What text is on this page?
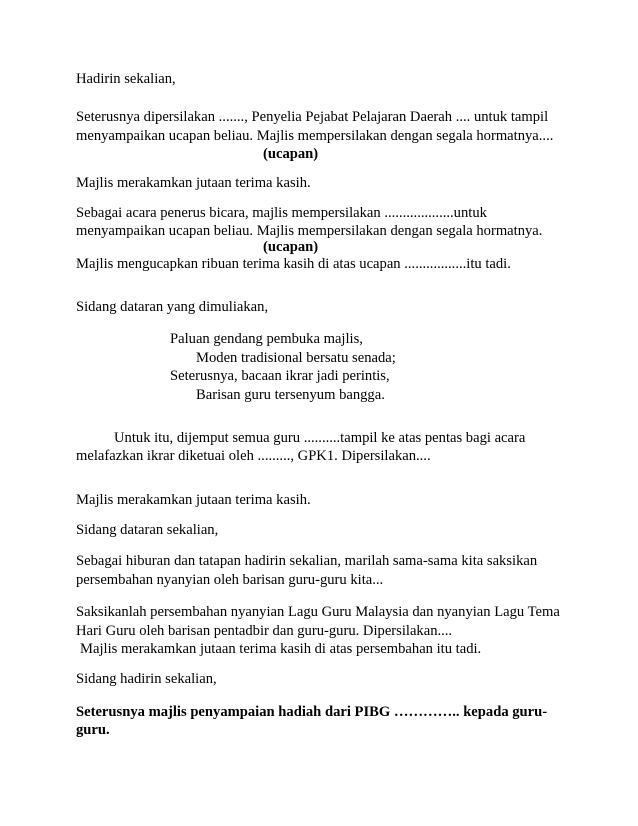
Hadirin sekalian,
Seterusnya dipersilakan ......., Penyelia Pejabat Pelajaran Daerah .... untuk tampil
menyampaikan ucapan beliau. Majlis mempersilakan dengan segala hormatnya....
(ucapan)
Majlis merakamkan jutaan terima kasih.
Sebagai acara penerus bicara, majlis mempersilakan ...................untuk
menyampaikan ucapan beliau. Majlis mempersilakan dengan segala hormatnya.
(ucapan)
Majlis mengucapkan ribuan terima kasih di atas ucapan .................itu tadi.
Sidang dataran yang dimuliakan,
Paluan gendang pembuka majlis,
Moden tradisional bersatu senada;
Seterusnya, bacaan ikrar jadi perintis,
Barisan guru tersenyum bangga.
Untuk itu, dijemput semua guru ..........tampil ke atas pentas bagi acara
melafazkan ikrar diketuai oleh ........., GPK1. Dipersilakan....
Majlis merakamkan jutaan terima kasih.
Sidang dataran sekalian,
Sebagai hiburan dan tatapan hadirin sekalian, marilah sama-sama kita saksikan
persembahan nyanyian oleh barisan guru-guru kita...
Saksikanlah persembahan nyanyian Lagu Guru Malaysia dan nyanyian Lagu Tema
Hari Guru oleh barisan pentadbir dan guru-guru. Dipersilakan....
Majlis merakamkan jutaan terima kasih di atas persembahan itu tadi.
Sidang hadirin sekalian,
Seterusnya majlis penyampaian hadiah dari PIBG ………….. kepada guru-
guru.
